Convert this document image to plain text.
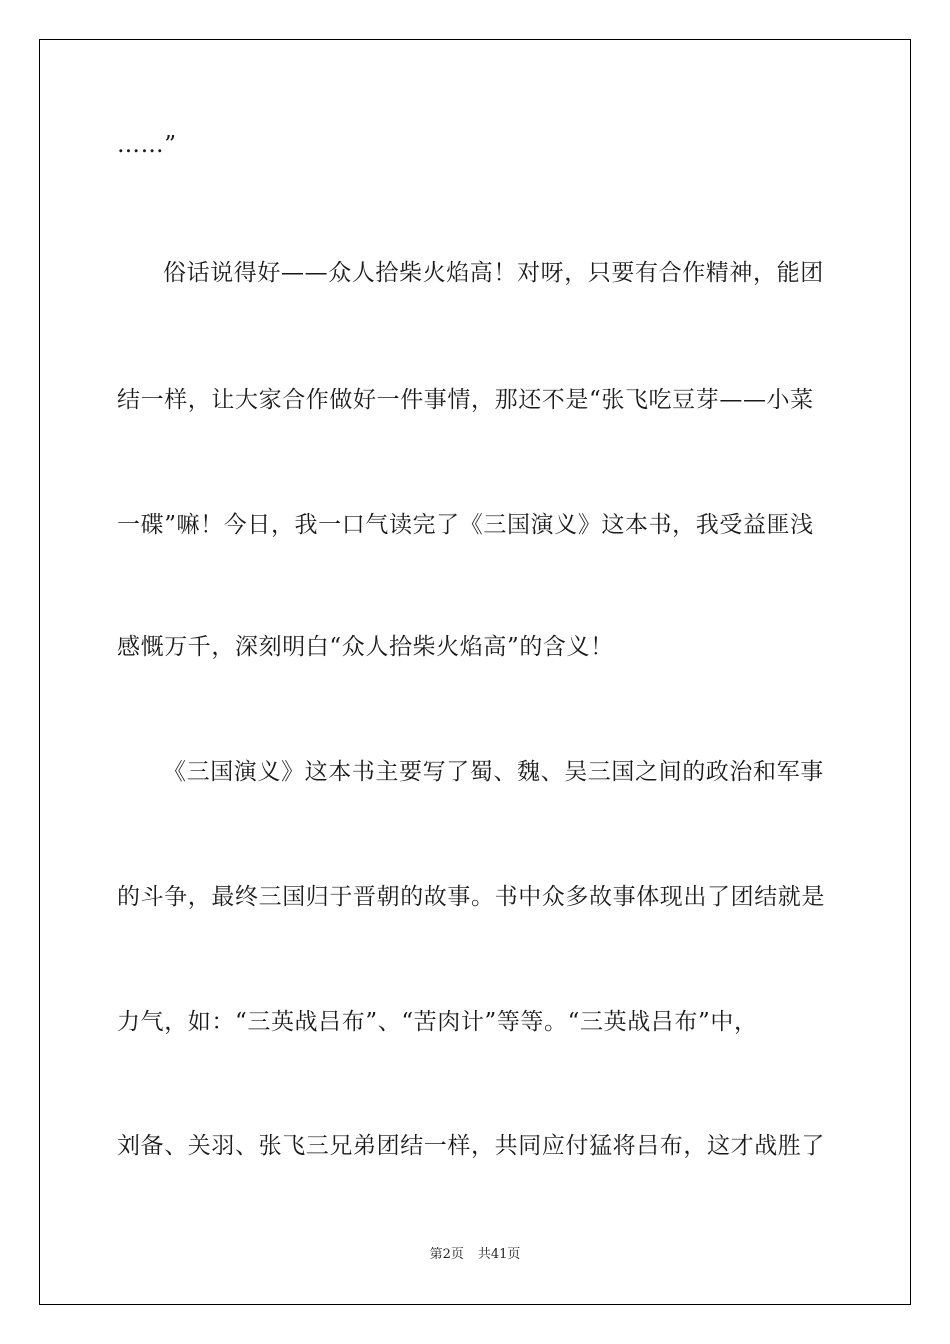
……”
俗话说得好——众人拾柴火焰高！对呀，只要有合作精神，能团
结一样，让大家合作做好一件事情，那还不是“张飞吃豆芽——小菜
一碟”嘛！今日，我一口气读完了《三国演义》这本书，我受益匪浅
感慨万千，深刻明白“众人拾柴火焰高”的含义！
《三国演义》这本书主要写了蜀、魏、吴三国之间的政治和军事
的斗争，最终三国归于晋朝的故事。书中众多故事体现出了团结就是
力气，如：“三英战吕布”、“苦肉计”等等。“三英战吕布”中，
刘备、关羽、张飞三兄弟团结一样，共同应付猛将吕布，这才战胜了
第2页 共41页
